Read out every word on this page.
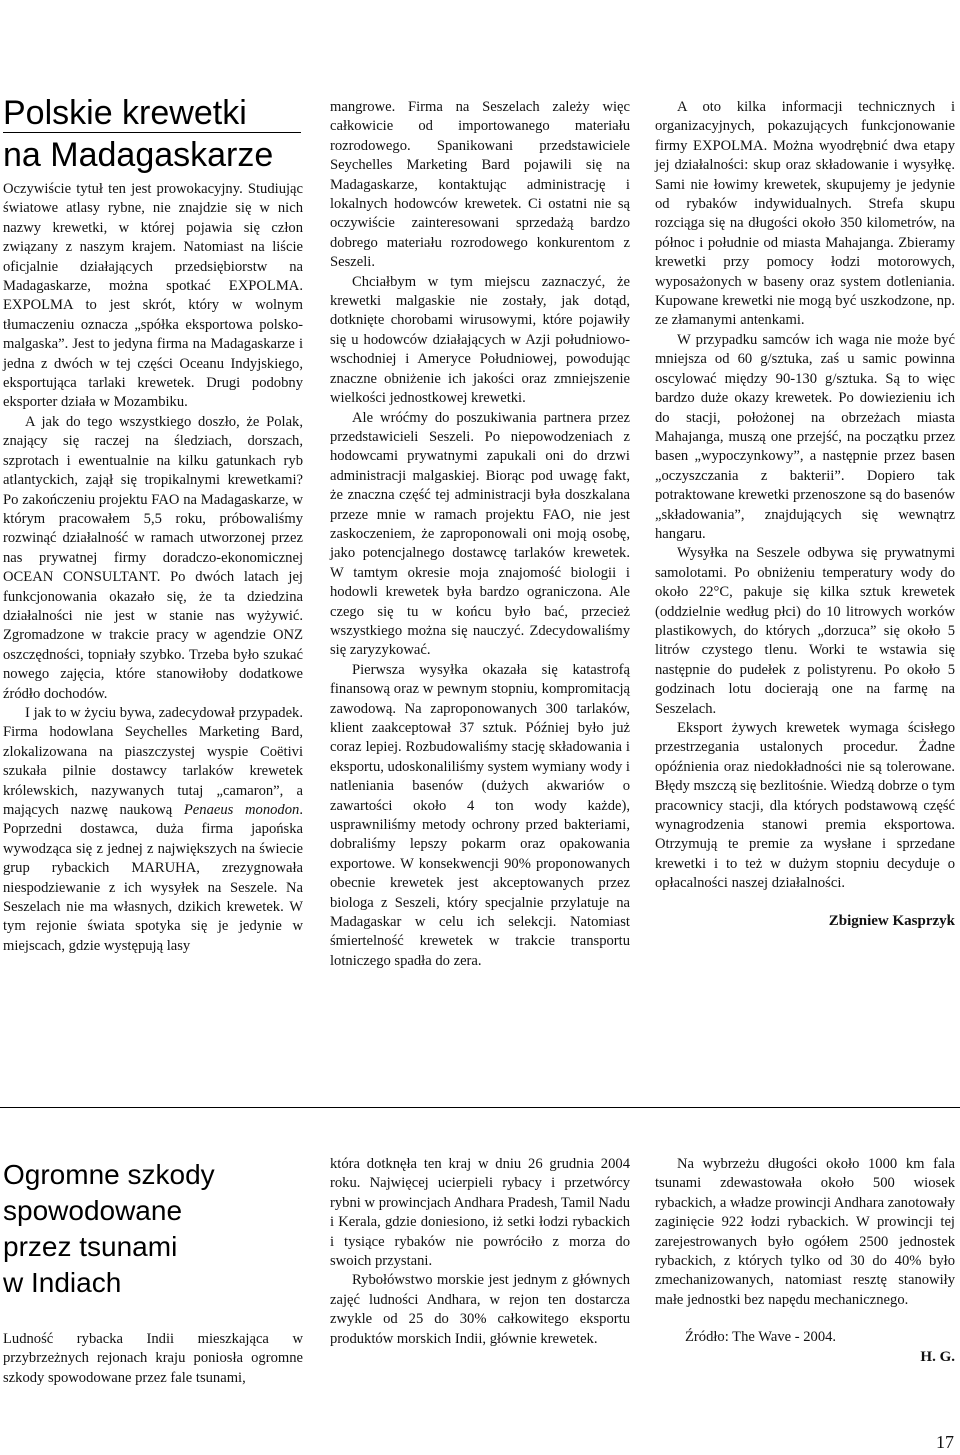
Polskie krewetki
na Madagaskarze

Oczywiście tytuł ten jest prowokacyjny. Studiując światowe atlasy rybne, nie znajdzie się w nich nazwy krewetki, w której pojawia się człon związany z naszym krajem. Natomiast na liście oficjalnie działających przedsiębiorstw na Madagaskarze, można spotkać EXPOLMA. EXPOLMA to jest skrót, który w wolnym tłumaczeniu oznacza „spółka eksportowa polsko-malgaska”. Jest to jedyna firma na Madagaskarze i jedna z dwóch w tej części Oceanu Indyjskiego, eksportująca tarlaki krewetek. Drugi podobny eksporter działa w Mozambiku.

A jak do tego wszystkiego doszło, że Polak, znający się raczej na śledziach, dorszach, szprotach i ewentualnie na kilku gatunkach ryb atlantyckich, zajął się tropikalnymi krewetkami? Po zakończeniu projektu FAO na Madagaskarze, w którym pracowałem 5,5 roku, próbowaliśmy rozwinąć działalność w ramach utworzonej przez nas prywatnej firmy doradczo-ekonomicznej OCEAN CONSULTANT. Po dwóch latach jej funkcjonowania okazało się, że ta dziedzina działalności nie jest w stanie nas wyżywić. Zgromadzone w trakcie pracy w agendzie ONZ oszczędności, topniały szybko. Trzeba było szukać nowego zajęcia, które stanowiłoby dodatkowe źródło dochodów.

I jak to w życiu bywa, zadecydował przypadek. Firma hodowlana Seychelles Marketing Bard, zlokalizowana na piaszczystej wyspie Coëtivi szukała pilnie dostawcy tarlaków krewetek królewskich, nazywanych tutaj „camaron”, a mających nazwę naukową Penaeus monodon. Poprzedni dostawca, duża firma japońska wywodząca się z jednej z największych na świecie grup rybackich MARUHA, zrezygnowała niespodziewanie z ich wysyłek na Seszele. Na Seszelach nie ma własnych, dzikich krewetek. W tym rejonie świata spotyka się je jedynie w miejscach, gdzie występują lasy

mangrowe. Firma na Seszelach zależy więc całkowicie od importowanego materiału rozrodowego. Spanikowani przedstawiciele Seychelles Marketing Bard pojawili się na Madagaskarze, kontaktując administrację i lokalnych hodowców krewetek. Ci ostatni nie są oczywiście zainteresowani sprzedażą bardzo dobrego materiału rozrodowego konkurentom z Seszeli.

Chciałbym w tym miejscu zaznaczyć, że krewetki malgaskie nie zostały, jak dotąd, dotknięte chorobami wirusowymi, które pojawiły się u hodowców działających w Azji południowo-wschodniej i Ameryce Południowej, powodując znaczne obniżenie ich jakości oraz zmniejszenie wielkości jednostkowej krewetki.

Ale wróćmy do poszukiwania partnera przez przedstawicieli Seszeli. Po niepowodzeniach z hodowcami prywatnymi zapukali oni do drzwi administracji malgaskiej. Biorąc pod uwagę fakt, że znaczna część tej administracji była doszkalana przeze mnie w ramach projektu FAO, nie jest zaskoczeniem, że zaproponowali oni moją osobę, jako potencjalnego dostawcę tarlaków krewetek. W tamtym okresie moja znajomość biologii i hodowli krewetek była bardzo ograniczona. Ale czego się tu w końcu było bać, przecież wszystkiego można się nauczyć. Zdecydowaliśmy się zaryzykować.

Pierwsza wysyłka okazała się katastrofą finansową oraz w pewnym stopniu, kompromitacją zawodową. Na zaproponowanych 300 tarlaków, klient zaakceptował 37 sztuk. Później było już coraz lepiej. Rozbudowaliśmy stację składowania i eksportu, udoskonaliliśmy system wymiany wody i natleniania basenów (dużych akwariów o zawartości około 4 ton wody każde), usprawniliśmy metody ochrony przed bakteriami, dobraliśmy lepszy pokarm oraz opakowania exportowe. W konsekwencji 90% proponowanych obecnie krewetek jest akceptowanych przez biologa z Seszeli, który specjalnie przylatuje na Madagaskar w celu ich selekcji. Natomiast śmiertelność krewetek w trakcie transportu lotniczego spadła do zera.

A oto kilka informacji technicznych i organizacyjnych, pokazujących funkcjonowanie firmy EXPOLMA. Można wyodrębnić dwa etapy jej działalności: skup oraz składowanie i wysyłkę. Sami nie łowimy krewetek, skupujemy je jedynie od rybaków indywidualnych. Strefa skupu rozciąga się na długości około 350 kilometrów, na północ i południe od miasta Mahajanga. Zbieramy krewetki przy pomocy łodzi motorowych, wyposażonych w baseny oraz system dotleniania. Kupowane krewetki nie mogą być uszkodzone, np. ze złamanymi antenkami.

W przypadku samców ich waga nie może być mniejsza od 60 g/sztuka, zaś u samic powinna oscylować między 90-130 g/sztuka. Są to więc bardzo duże okazy krewetek. Po dowiezieniu ich do stacji, położonej na obrzeżach miasta Mahajanga, muszą one przejść, na początku przez basen „wypoczynkowy”, a następnie przez basen „oczyszczania z bakterii”. Dopiero tak potraktowane krewetki przenoszone są do basenów „składowania”, znajdujących się wewnątrz hangaru.

Wysyłka na Seszele odbywa się prywatnymi samolotami. Po obniżeniu temperatury wody do około 22°C, pakuje się kilka sztuk krewetek (oddzielnie według płci) do 10 litrowych worków plastikowych, do których „dorzuca” się około 5 litrów czystego tlenu. Worki te wstawia się następnie do pudełek z polistyrenu. Po około 5 godzinach lotu docierają one na farmę na Seszelach.

Eksport żywych krewetek wymaga ścisłego przestrzegania ustalonych procedur. Żadne opóźnienia oraz niedokładności nie są tolerowane. Błędy mszczą się bezlitośnie. Wiedzą dobrze o tym pracownicy stacji, dla których podstawową część wynagrodzenia stanowi premia eksportowa. Otrzymują te premie za wysłane i sprzedane krewetki i to też w dużym stopniu decyduje o opłacalności naszej działalności.

Zbigniew Kasprzyk
Ogromne szkody
spowodowane
przez tsunami
w Indiach

Ludność rybacka Indii mieszkająca w przybrzeżnych rejonach kraju poniosła ogromne szkody spowodowane przez fale tsunami,

która dotknęła ten kraj w dniu 26 grudnia 2004 roku. Najwięcej ucierpieli rybacy i przetwórcy rybni w prowincjach Andhara Pradesh, Tamil Nadu i Kerala, gdzie doniesiono, iż setki łodzi rybackich i tysiące rybaków nie powróciło z morza do swoich przystani.

Rybołówstwo morskie jest jednym z głównych zajęć ludności Andhara, w rejon ten dostarcza zwykle od 25 do 30% całkowitego eksportu produktów morskich Indii, głównie krewetek.

Na wybrzeżu długości około 1000 km fala tsunami zdewastowała około 500 wiosek rybackich, a władze prowincji Andhara zanotowały zaginięcie 922 łodzi rybackich. W prowincji tej zarejestrowanych było ogółem 2500 jednostek rybackich, z których tylko od 30 do 40% było zmechanizowanych, natomiast resztę stanowiły małe jednostki bez napędu mechanicznego.

Źródło: The Wave - 2004.

H. G.
17
